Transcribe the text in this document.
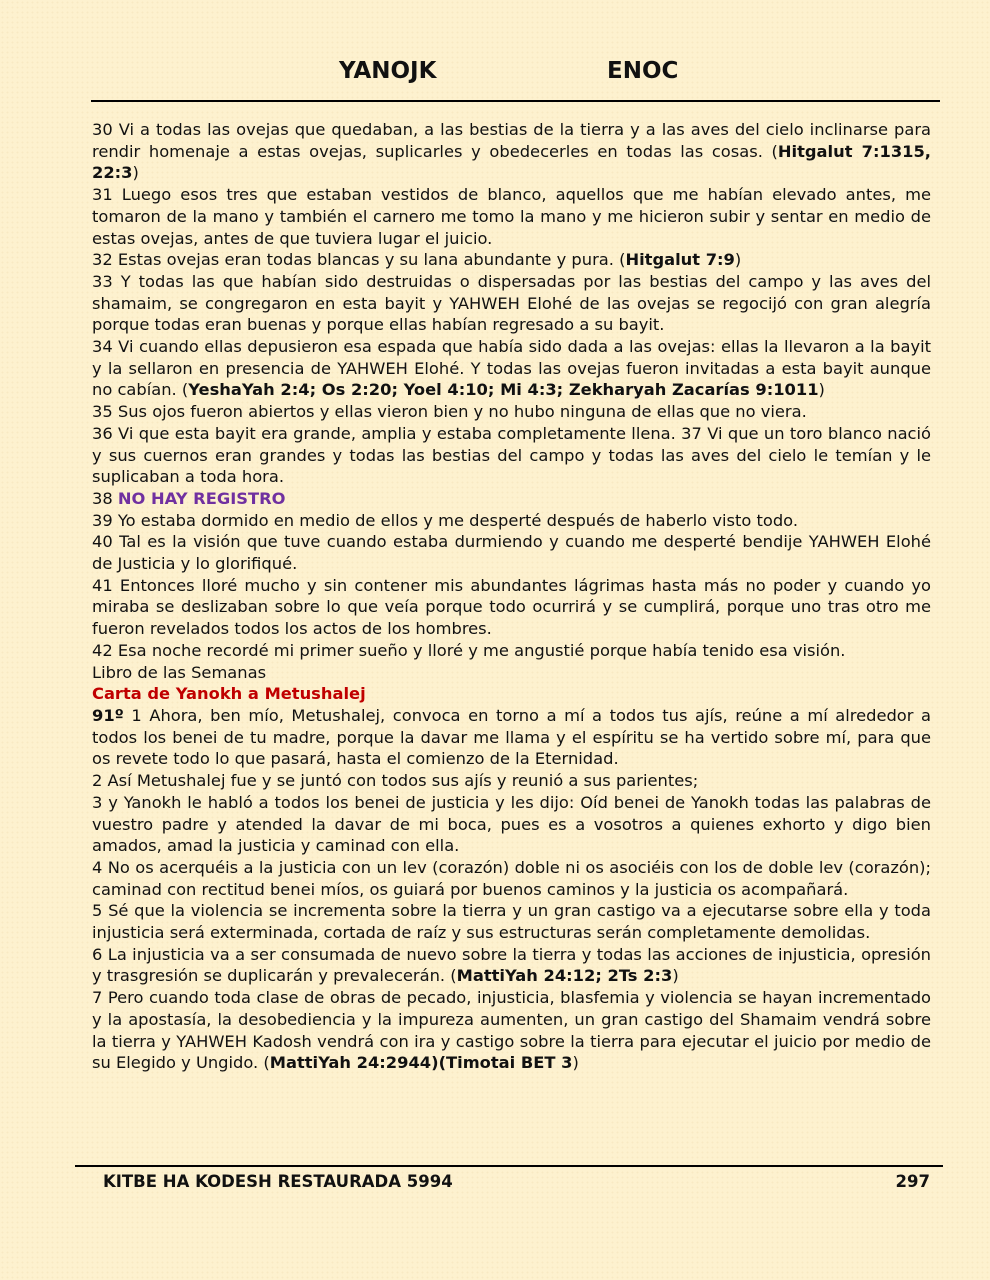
YANOJK	ENOC

30 Vi a todas las ovejas que quedaban, a las bestias de la tierra y a las aves del cielo inclinarse para rendir homenaje a estas ovejas, suplicarles y obedecerles en todas las cosas. (Hitgalut 7:1315, 22:3)

31 Luego esos tres que estaban vestidos de blanco, aquellos que me habían elevado antes, me tomaron de la mano y también el carnero me tomo la mano y me hicieron subir y sentar en medio de estas ovejas, antes de que tuviera lugar el juicio.

32 Estas ovejas eran todas blancas y su lana abundante y pura. (Hitgalut 7:9)

33 Y todas las que habían sido destruidas o dispersadas por las bestias del campo y las aves del shamaim, se congregaron en esta bayit y YAHWEH Elohé de las ovejas se regocijó con gran alegría porque todas eran buenas y porque ellas habían regresado a su bayit.

34 Vi cuando ellas depusieron esa espada que había sido dada a las ovejas: ellas la llevaron a la bayit y la sellaron en presencia de YAHWEH Elohé. Y todas las ovejas fueron invitadas a esta bayit aunque no cabían. (YeshaYah 2:4; Os 2:20; Yoel 4:10; Mi 4:3; Zekharyah Zacarías 9:1011)

35 Sus ojos fueron abiertos y ellas vieron bien y no hubo ninguna de ellas que no viera.

36 Vi que esta bayit era grande, amplia y estaba completamente llena. 37 Vi que un toro blanco nació y sus cuernos eran grandes y todas las bestias del campo y todas las aves del cielo le temían y le suplicaban a toda hora.

38 NO HAY REGISTRO

39 Yo estaba dormido en medio de ellos y me desperté después de haberlo visto todo.

40 Tal es la visión que tuve cuando estaba durmiendo y cuando me desperté bendije YAHWEH Elohé de Justicia y lo glorifiqué.

41 Entonces lloré mucho y sin contener mis abundantes lágrimas hasta más no poder y cuando yo miraba se deslizaban sobre lo que veía porque todo ocurrirá y se cumplirá, porque uno tras otro me fueron revelados todos los actos de los hombres.

42 Esa noche recordé mi primer sueño y lloré y me angustié porque había tenido esa visión.

Libro de las Semanas

Carta de Yanokh a Metushalej

91º 1 Ahora, ben mío, Metushalej, convoca en torno a mí a todos tus ajís, reúne a mí alrededor a todos los benei de tu madre, porque la davar me llama y el espíritu se ha vertido sobre mí, para que os revete todo lo que pasará, hasta el comienzo de la Eternidad.

2 Así Metushalej fue y se juntó con todos sus ajís y reunió a sus parientes;

3 y Yanokh le habló a todos los benei de justicia y les dijo: Oíd benei de Yanokh todas las palabras de vuestro padre y atended la davar de mi boca, pues es a vosotros a quienes exhorto y digo bien amados, amad la justicia y caminad con ella.

4 No os acerquéis a la justicia con un lev (corazón) doble ni os asociéis con los de doble lev (corazón); caminad con rectitud benei míos, os guiará por buenos caminos y la justicia os acompañará.

5 Sé que la violencia se incrementa sobre la tierra y un gran castigo va a ejecutarse sobre ella y toda injusticia será exterminada, cortada de raíz y sus estructuras serán completamente demolidas.

6 La injusticia va a ser consumada de nuevo sobre la tierra y todas las acciones de injusticia, opresión y trasgresión se duplicarán y prevalecerán. (MattiYah 24:12; 2Ts 2:3)

7 Pero cuando toda clase de obras de pecado, injusticia, blasfemia y violencia se hayan incrementado y la apostasía, la desobediencia y la impureza aumenten, un gran castigo del Shamaim vendrá sobre la tierra y YAHWEH Kadosh vendrá con ira y castigo sobre la tierra para ejecutar el juicio por medio de su Elegido y Ungido. (MattiYah 24:2944)(Timotai BET 3)

KITBE HA KODESH RESTAURADA 5994	297
